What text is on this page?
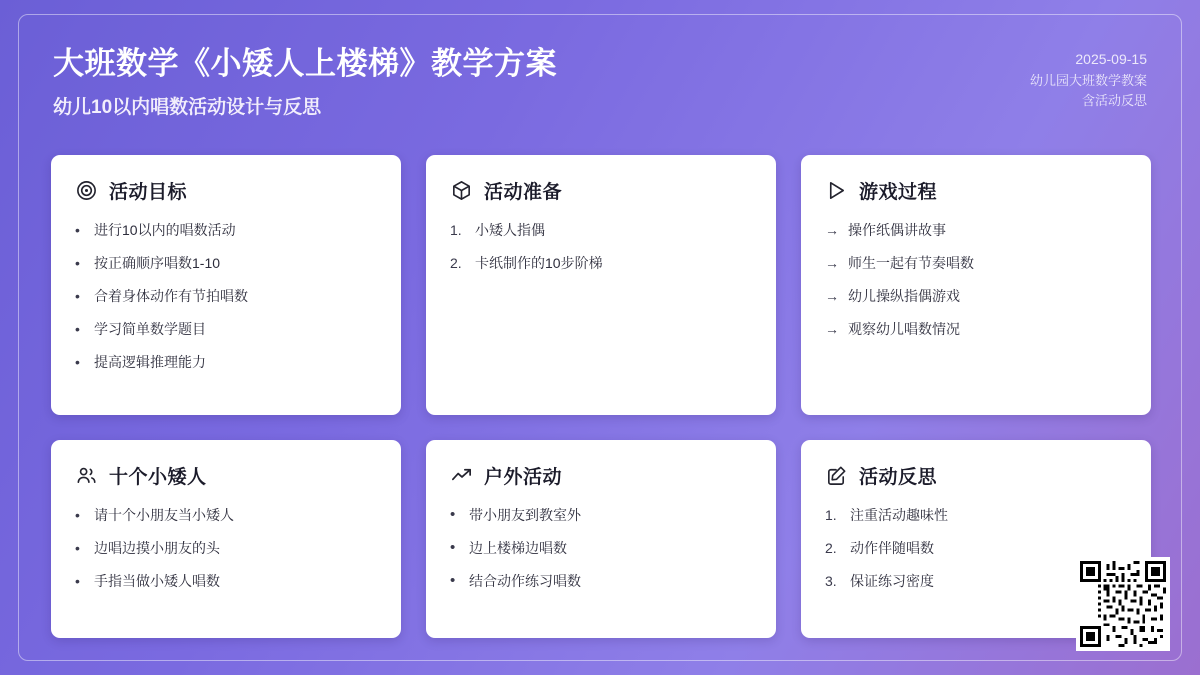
大班数学《小矮人上楼梯》教学方案
幼儿10以内唱数活动设计与反思
2025-09-15
幼儿园大班数学教案
含活动反思
活动目标
•	进行10以内的唱数活动
•	按正确顺序唱数1-10
•	合着身体动作有节拍唱数
•	学习简单数学题目
•	提高逻辑推理能力
活动准备
1. 小矮人指偶
2. 卡纸制作的10步阶梯
游戏过程
→ 操作纸偶讲故事
→ 师生一起有节奏唱数
→ 幼儿操纵指偶游戏
→ 观察幼儿唱数情况
十个小矮人
•	请十个小朋友当小矮人
•	边唱边摸小朋友的头
•	手指当做小矮人唱数
户外活动
• 带小朋友到教室外
• 边上楼梯边唱数
• 结合动作练习唱数
活动反思
1. 注重活动趣味性
2. 动作伴随唱数
3. 保证练习密度
